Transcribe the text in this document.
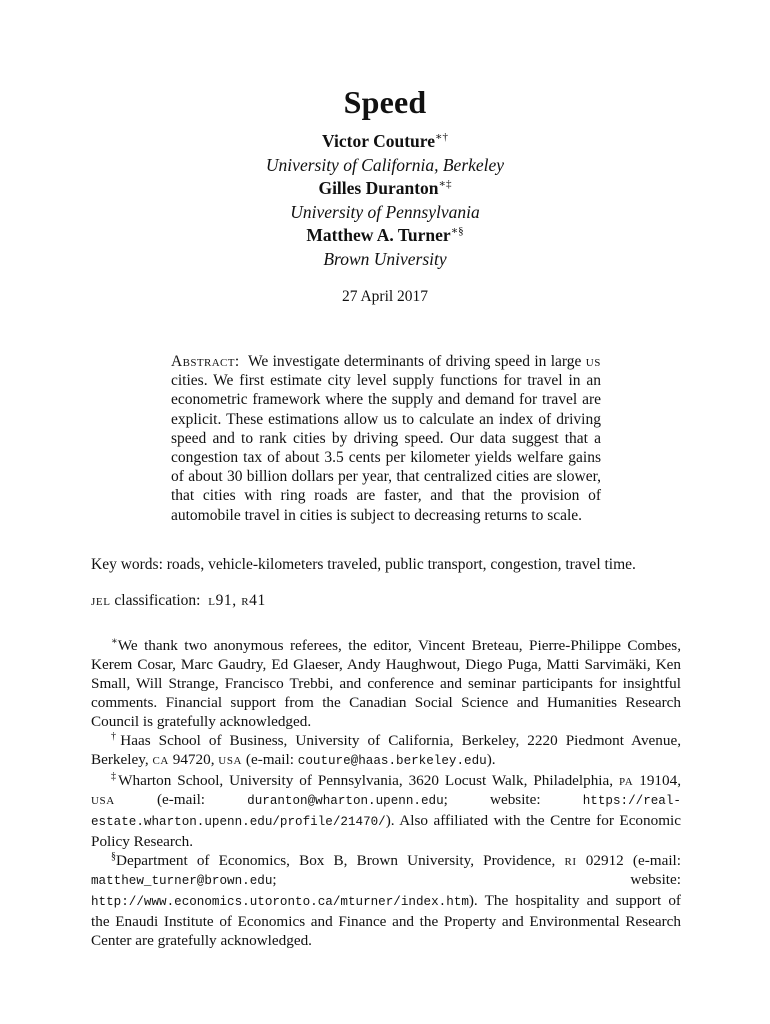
Speed
Victor Couture∗†
University of California, Berkeley
Gilles Duranton∗‡
University of Pennsylvania
Matthew A. Turner∗§
Brown University
27 April 2017
Abstract: We investigate determinants of driving speed in large us cities. We first estimate city level supply functions for travel in an econometric framework where the supply and demand for travel are explicit. These estimations allow us to calculate an index of driving speed and to rank cities by driving speed. Our data suggest that a congestion tax of about 3.5 cents per kilometer yields welfare gains of about 30 billion dollars per year, that centralized cities are slower, that cities with ring roads are faster, and that the provision of automobile travel in cities is subject to decreasing returns to scale.
Key words: roads, vehicle-kilometers traveled, public transport, congestion, travel time.
jel classification:  l91, r41

∗We thank two anonymous referees, the editor, Vincent Breteau, Pierre-Philippe Combes, Kerem Cosar, Marc Gaudry, Ed Glaeser, Andy Haughwout, Diego Puga, Matti Sarvimäki, Ken Small, Will Strange, Francisco Trebbi, and conference and seminar participants for insightful comments. Financial support from the Canadian Social Science and Humanities Research Council is gratefully acknowledged.

†Haas School of Business, University of California, Berkeley, 2220 Piedmont Avenue, Berkeley, ca 94720, usa (e-mail: couture@haas.berkeley.edu).

‡Wharton School, University of Pennsylvania, 3620 Locust Walk, Philadelphia, pa 19104, usa (e-mail: duranton@wharton.upenn.edu; website: https://real-estate.wharton.upenn.edu/profile/21470/). Also affiliated with the Centre for Economic Policy Research.

§Department of Economics, Box B, Brown University, Providence, ri 02912 (e-mail: matthew_turner@brown.edu; website: http://www.economics.utoronto.ca/mturner/index.htm). The hospitality and support of the Enaudi Institute of Economics and Finance and the Property and Environmental Research Center are gratefully acknowledged.
